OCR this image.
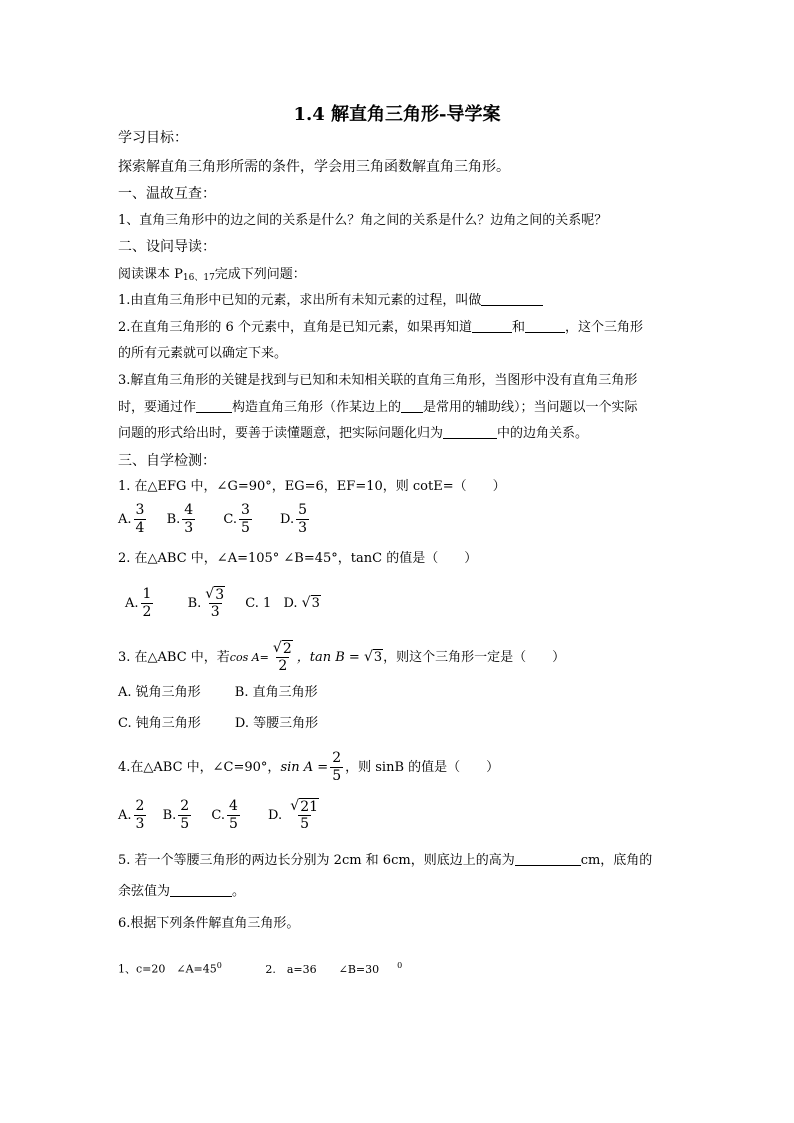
1.4 解直角三角形-导学案
学习目标：
探索解直角三角形所需的条件，学会用三角函数解直角三角形。
一、温故互查：
1、直角三角形中的边之间的关系是什么？角之间的关系是什么？边角之间的关系呢？
二、设问导读：
阅读课本 $P_{16、17}$完成下列问题：
1.由直角三角形中已知的元素，求出所有未知元素的过程，叫做
2.在直角三角形的 6 个元素中，直角是已知元素，如果再知道	和	，这个三角形
的所有元素就可以确定下来。
3.解直角三角形的关键是找到与已知和未知相关联的直角三角形，当图形中没有直角三角形
时，要通过作	构造直角三角形（作某边上的 是常用的辅助线）；当问题以一个实际
问题的形式给出时，要善于读懂题意，把实际问题化归为	中的边角关系。
三、自学检测：
1. 在△EFG 中，∠G=90°，EG=6，EF=10，则 cotE=（　　）
A. $\frac{3}{4} B$. $\frac{4}{3} C$. $\frac{3}{5} D$. $\frac{5}{3}$
2. 在△ABC 中，∠A=105° ∠B=45°，tanC 的值是（　　）
A. $\frac{1}{2}$	B. $\frac{√ 3}{3} C$. 1 D. √ 3
3. 在△ABC 中，若$\cos A= \frac{√ 2}{2}$ ，tan B = √ 3 ，则这个三角形一定是（　　）
A. 锐角三角形	B. 直角三角形
C. 钝角三角形	D. 等腰三角形
4.在△ABC 中，∠C=90°，$\sin A = \frac{2}{5}$ ，则 sinB 的值是（　　）
A. $\frac{2}{3} B$. $\frac{2}{5} C$. $\frac{4}{5} D$. $\frac{√ 21}{5}$
5. 若一个等腰三角形的两边长分别为 2cm 和 6cm，则底边上的高为	cm，底角的
余弦值为	。
6.根据下列条件解直角三角形。
1、c=20　$\angle A=45^0$	2.　a=36　　∠B=30 $^0$
